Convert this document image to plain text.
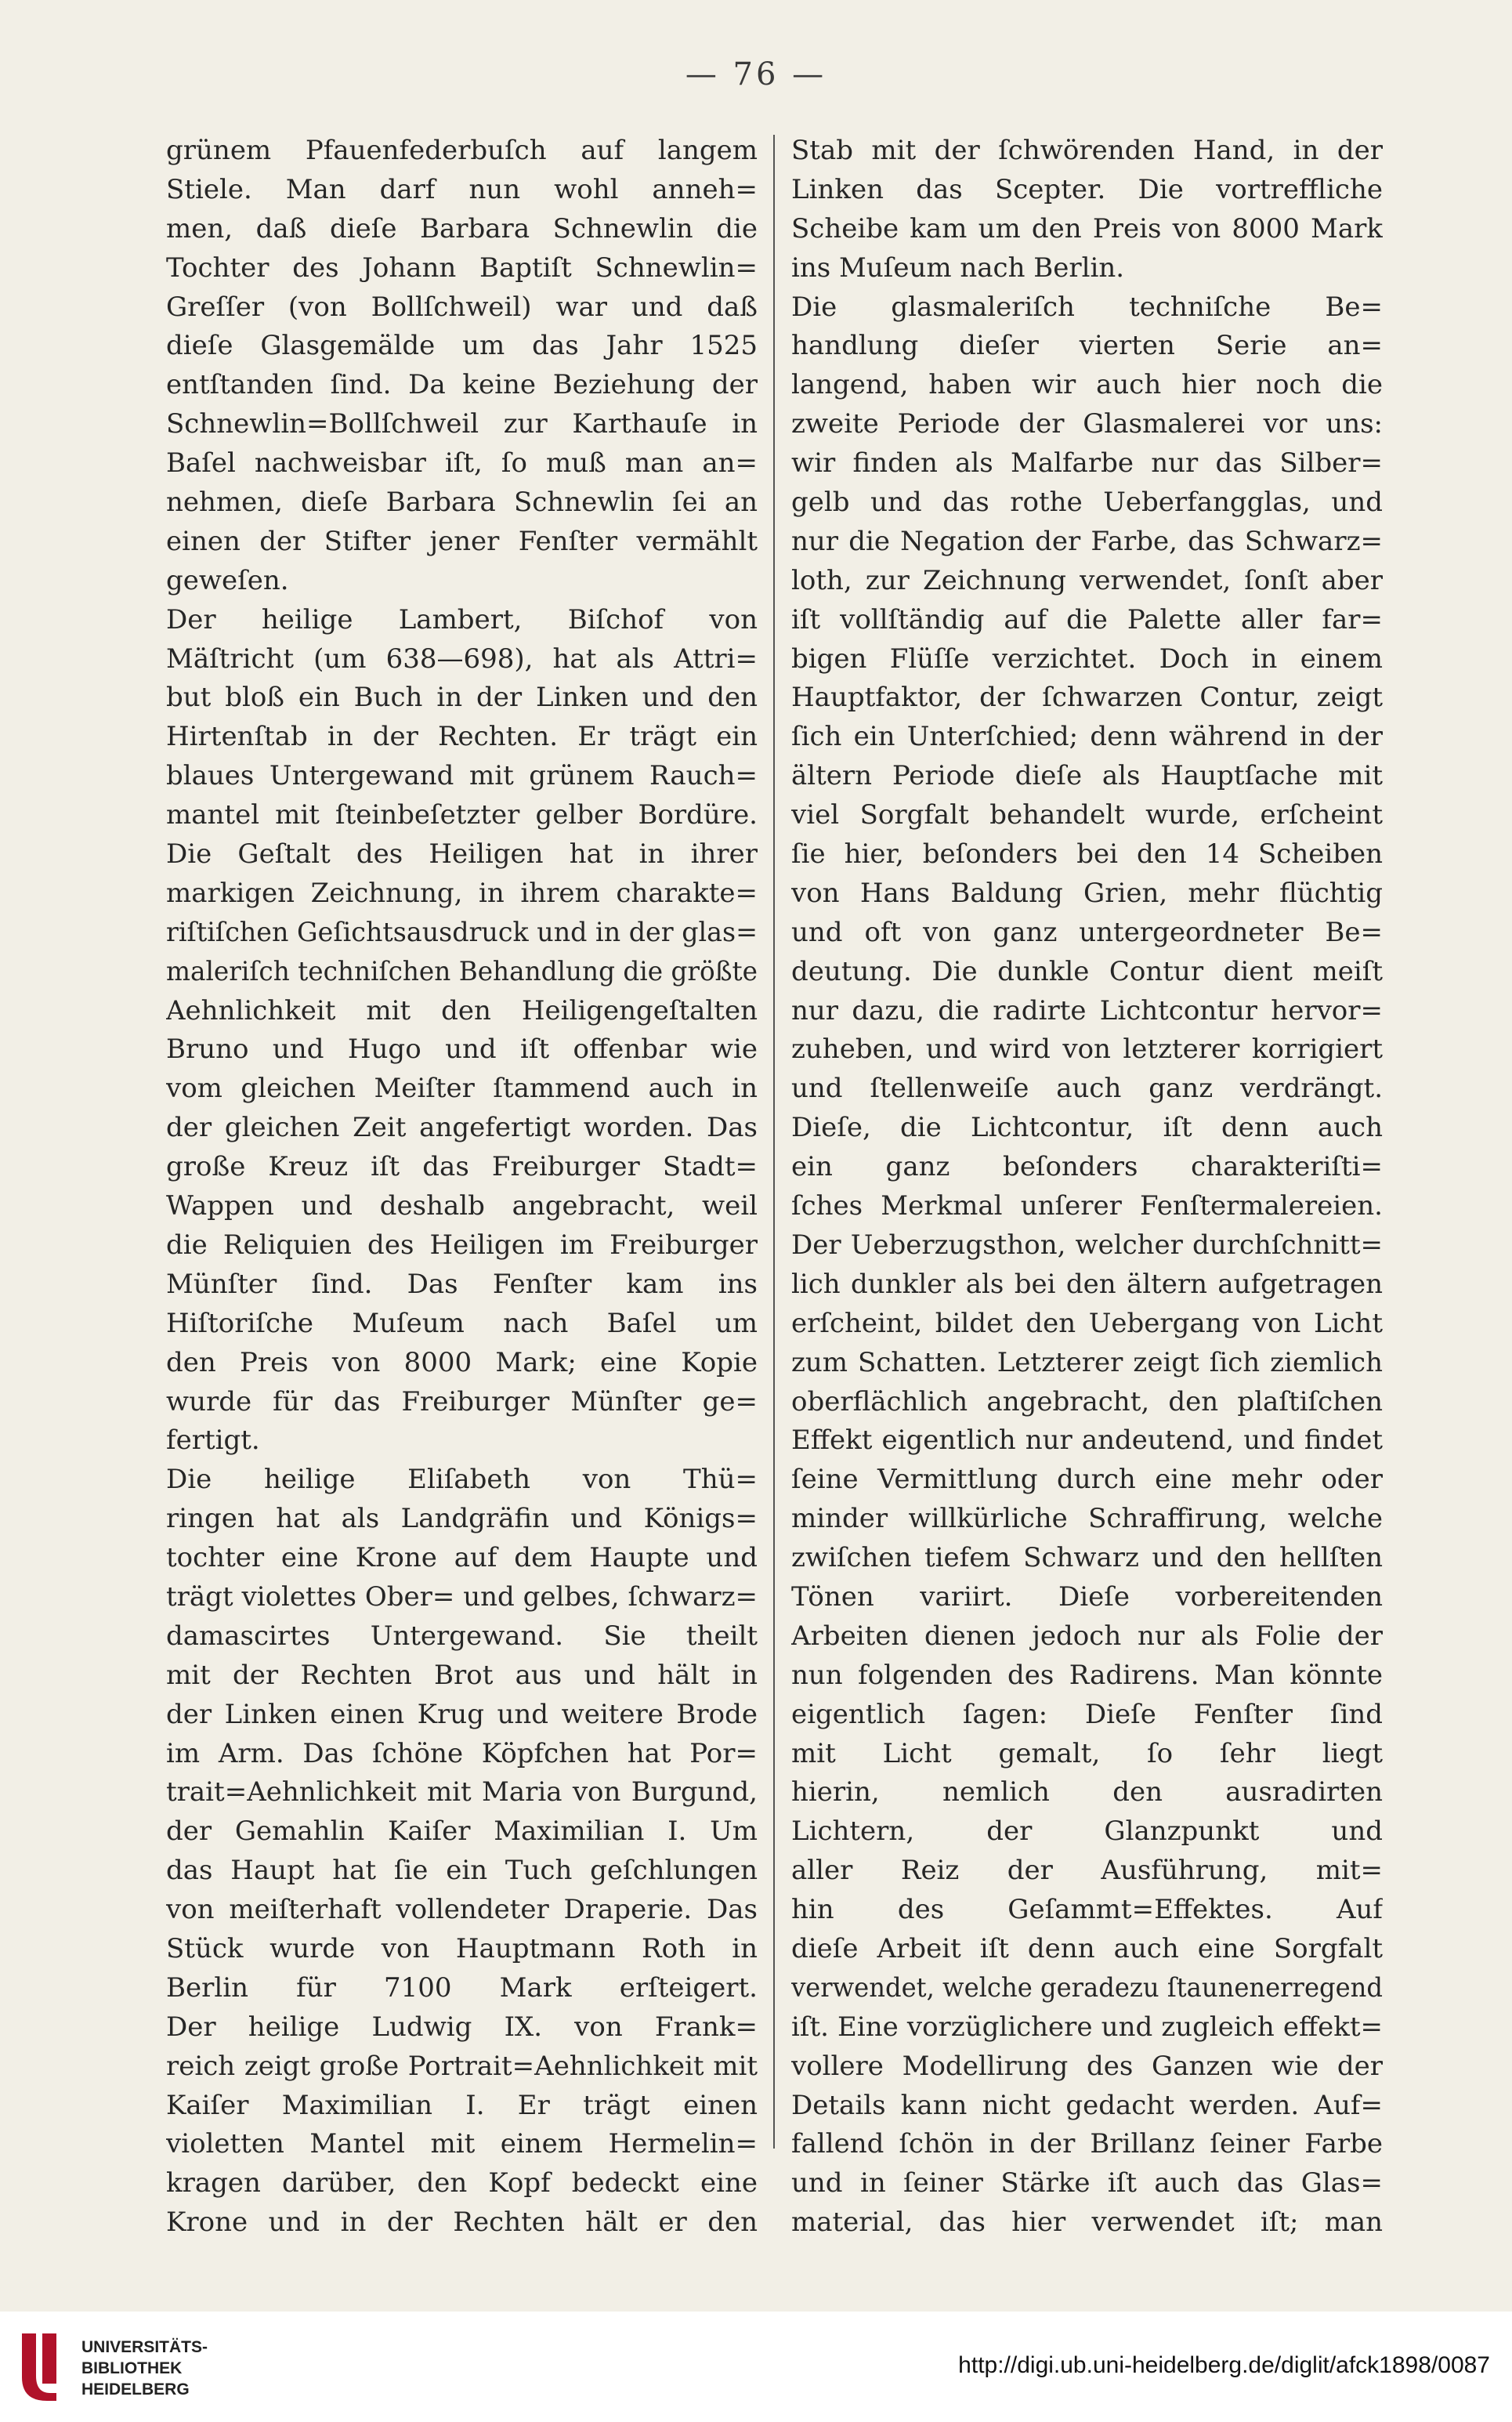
— 76 —
grünem Pfauenfederbuſch auf langem
Stiele. Man darf nun wohl anneh=
men, daß dieſe Barbara Schnewlin die
Tochter des Johann Baptiſt Schnewlin=
Greſſer (von Bollſchweil) war und daß
dieſe Glasgemälde um das Jahr 1525
entſtanden ſind. Da keine Beziehung der
Schnewlin=Bollſchweil zur Karthauſe in
Baſel nachweisbar iſt, ſo muß man an=
nehmen, dieſe Barbara Schnewlin ſei an
einen der Stifter jener Fenſter vermählt
geweſen.
Der heilige Lambert, Biſchof von
Mäſtricht (um 638—698), hat als Attri=
but bloß ein Buch in der Linken und den
Hirtenſtab in der Rechten. Er trägt ein
blaues Untergewand mit grünem Rauch=
mantel mit ſteinbeſetzter gelber Bordüre.
Die Geſtalt des Heiligen hat in ihrer
markigen Zeichnung, in ihrem charakte=
riſtiſchen Geſichtsausdruck und in der glas=
maleriſch techniſchen Behandlung die größte
Aehnlichkeit mit den Heiligengeſtalten
Bruno und Hugo und iſt offenbar wie
vom gleichen Meiſter ſtammend auch in
der gleichen Zeit angefertigt worden. Das
große Kreuz iſt das Freiburger Stadt=
Wappen und deshalb angebracht, weil
die Reliquien des Heiligen im Freiburger
Münſter ſind. Das Fenſter kam ins
Hiſtoriſche Muſeum nach Baſel um
den Preis von 8000 Mark; eine Kopie
wurde für das Freiburger Münſter ge=
fertigt.
Die heilige Eliſabeth von Thü=
ringen hat als Landgräfin und Königs=
tochter eine Krone auf dem Haupte und
trägt violettes Ober= und gelbes, ſchwarz=
damascirtes Untergewand. Sie theilt
mit der Rechten Brot aus und hält in
der Linken einen Krug und weitere Brode
im Arm. Das ſchöne Köpfchen hat Por=
trait=Aehnlichkeit mit Maria von Burgund,
der Gemahlin Kaiſer Maximilian I. Um
das Haupt hat ſie ein Tuch geſchlungen
von meiſterhaft vollendeter Draperie. Das
Stück wurde von Hauptmann Roth in
Berlin für 7100 Mark erſteigert.
Der heilige Ludwig IX. von Frank=
reich zeigt große Portrait=Aehnlichkeit mit
Kaiſer Maximilian I. Er trägt einen
violetten Mantel mit einem Hermelin=
kragen darüber, den Kopf bedeckt eine
Krone und in der Rechten hält er den
Stab mit der ſchwörenden Hand, in der
Linken das Scepter. Die vortreffliche
Scheibe kam um den Preis von 8000 Mark
ins Muſeum nach Berlin.
Die glasmaleriſch techniſche Be=
handlung dieſer vierten Serie an=
langend, haben wir auch hier noch die
zweite Periode der Glasmalerei vor uns:
wir finden als Malfarbe nur das Silber=
gelb und das rothe Ueberfangglas, und
nur die Negation der Farbe, das Schwarz=
loth, zur Zeichnung verwendet, ſonſt aber
iſt vollſtändig auf die Palette aller far=
bigen Flüſſe verzichtet. Doch in einem
Hauptfaktor, der ſchwarzen Contur, zeigt
ſich ein Unterſchied; denn während in der
ältern Periode dieſe als Hauptſache mit
viel Sorgfalt behandelt wurde, erſcheint
ſie hier, beſonders bei den 14 Scheiben
von Hans Baldung Grien, mehr flüchtig
und oft von ganz untergeordneter Be=
deutung. Die dunkle Contur dient meiſt
nur dazu, die radirte Lichtcontur hervor=
zuheben, und wird von letzterer korrigiert
und ſtellenweiſe auch ganz verdrängt.
Dieſe, die Lichtcontur, iſt denn auch
ein ganz beſonders charakteriſti=
ſches Merkmal unſerer Fenſtermalereien.
Der Ueberzugsthon, welcher durchſchnitt=
lich dunkler als bei den ältern aufgetragen
erſcheint, bildet den Uebergang von Licht
zum Schatten. Letzterer zeigt ſich ziemlich
oberflächlich angebracht, den plaſtiſchen
Effekt eigentlich nur andeutend, und findet
ſeine Vermittlung durch eine mehr oder
minder willkürliche Schraffirung, welche
zwiſchen tiefem Schwarz und den hellſten
Tönen variirt. Dieſe vorbereitenden
Arbeiten dienen jedoch nur als Folie der
nun folgenden des Radirens. Man könnte
eigentlich ſagen: Dieſe Fenſter ſind
mit Licht gemalt, ſo ſehr liegt
hierin, nemlich den ausradirten
Lichtern, der Glanzpunkt und
aller Reiz der Ausführung, mit=
hin des Geſammt=Effektes. Auf
dieſe Arbeit iſt denn auch eine Sorgfalt
verwendet, welche geradezu ſtaunenerregend
iſt. Eine vorzüglichere und zugleich effekt=
vollere Modellirung des Ganzen wie der
Details kann nicht gedacht werden. Auf=
fallend ſchön in der Brillanz ſeiner Farbe
und in ſeiner Stärke iſt auch das Glas=
material, das hier verwendet iſt; man
UNIVERSITÄTS-
BIBLIOTHEK
HEIDELBERG
http://digi.ub.uni-heidelberg.de/diglit/afck1898/0087
